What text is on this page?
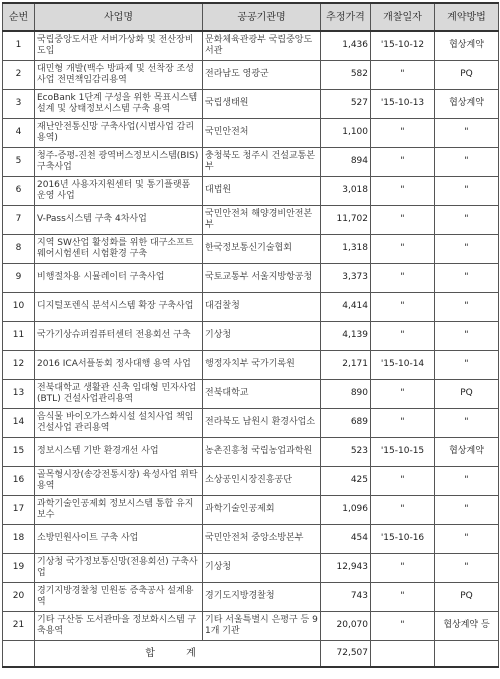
순번	사업명	공공기관명	추정가격	개찰일자	계약방법
1	국립중앙도서관 서버가상화 및 전산장비 도입	문화체육관광부 국립중앙도서관	1,436	'15-10-12	협상계약
2	대민형 개발(백수 방파제 및 선착장 조성사업 전면책임감리용역	전라남도 영광군	582	"	PQ
3	EcoBank 1단계 구성을 위한 목표시스템 설계 및 상태정보시스템 구축 용역	국립생태원	527	'15-10-13	협상계약
4	재난안전통신망 구축사업(시범사업 감리 용역)	국민안전처	1,100	"	"
5	청주-증평-진천 광역버스정보시스템(BIS) 구축사업	충청북도 청주시 건설교통본부	894	"	"
6	2016년 사용자지원센터 및 통기플랫폼 운영 사업	대법원	3,018	"	"
7	V-Pass시스템 구축 4차사업	국민안전처 해양경비안전본부	11,702	"	"
8	지역 SW산업 활성화를 위한 대구소프트웨어시험센터 시험환경 구축	한국정보통신기술협회	1,318	"	"
9	비행절차용 시뮬레이터 구축사업	국토교통부 서울지방항공청	3,373	"	"
10	디지털포렌식 분석시스템 확장 구축사업	대검찰청	4,414	"	"
11	국가기상슈퍼컴퓨터센터 전용회선 구축	기상청	4,139	"	"
12	2016 ICA서플동회 정사대행 용역 사업	행정자치부 국가기록원	2,171	'15-10-14	"
13	전북대학교 생활관 신축 임대형 민자사업(BTL) 건설사업관리용역	전북대학교	890	"	PQ
14	음식물 바이오가스화시설 설치사업 책임 건설사업 관리용역	전라북도 남원시 환경사업소	689	"	"
15	정보시스템 기반 환경개선 사업	농촌진흥청 국립농업과학원	523	'15-10-15	협상계약
16	골목형시장(송강전통시장) 육성사업 위탁용역	소상공인시장진흥공단	425	"	"
17	과학기술인공제회 정보시스템 통합 유지보수	과학기술인공제회	1,096	"	"
18	소방민원사이트 구축 사업	국민안전처 중앙소방본부	454	'15-10-16	"
19	기상청 국가정보통신망(전용회선) 구축사업	기상청	12,943	"	"
20	경기지방경찰청 민원동 증축공사 설계용역	경기도지방경찰청	743	"	PQ
21	기타 구산동 도서관마을 정보화시스템 구축용역	기타 서울특별시 은평구 등 91개 기관	20,070	"	협상계약 등
	합 계		72,507		
